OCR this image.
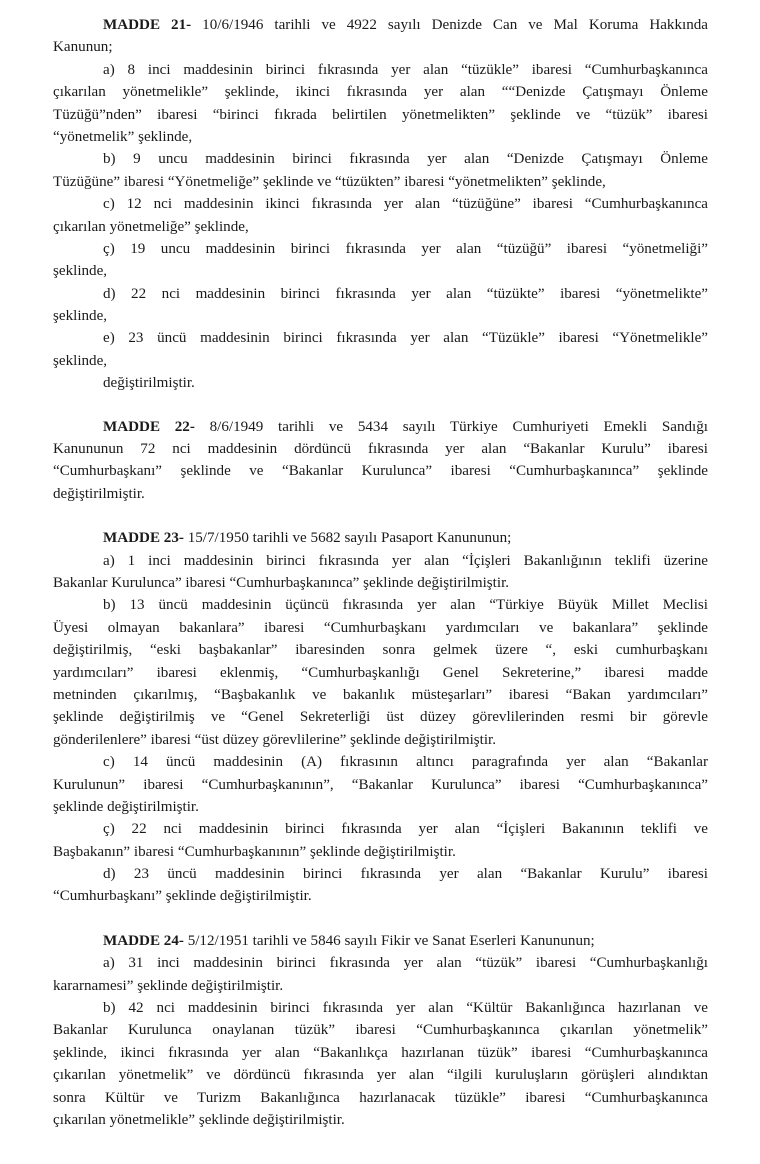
MADDE 21- 10/6/1946 tarihli ve 4922 sayılı Denizde Can ve Mal Koruma Hakkında
Kanunun;
a) 8 inci maddesinin birinci fıkrasında yer alan “tüzükle” ibaresi “Cumhurbaşkanınca
çıkarılan yönetmelikle” şeklinde, ikinci fıkrasında yer alan ““Denizde Çatışmayı Önleme
Tüzüğü”nden” ibaresi “birinci fıkrada belirtilen yönetmelikten” şeklinde ve “tüzük” ibaresi
“yönetmelik” şeklinde,
b) 9 uncu maddesinin birinci fıkrasında yer alan “Denizde Çatışmayı Önleme
Tüzüğüne” ibaresi “Yönetmeliğe” şeklinde ve “tüzükten” ibaresi “yönetmelikten” şeklinde,
c) 12 nci maddesinin ikinci fıkrasında yer alan “tüzüğüne” ibaresi “Cumhurbaşkanınca
çıkarılan yönetmeliğe” şeklinde,
ç) 19 uncu maddesinin birinci fıkrasında yer alan “tüzüğü” ibaresi “yönetmeliği”
şeklinde,
d) 22 nci maddesinin birinci fıkrasında yer alan “tüzükte” ibaresi “yönetmelikte”
şeklinde,
e) 23 üncü maddesinin birinci fıkrasında yer alan “Tüzükle” ibaresi “Yönetmelikle”
şeklinde,
değiştirilmiştir.
MADDE 22- 8/6/1949 tarihli ve 5434 sayılı Türkiye Cumhuriyeti Emekli Sandığı
Kanununun 72 nci maddesinin dördüncü fıkrasında yer alan “Bakanlar Kurulu” ibaresi
“Cumhurbaşkanı” şeklinde ve “Bakanlar Kurulunca” ibaresi “Cumhurbaşkanınca” şeklinde
değiştirilmiştir.
MADDE 23- 15/7/1950 tarihli ve 5682 sayılı Pasaport Kanununun;
a) 1 inci maddesinin birinci fıkrasında yer alan “İçişleri Bakanlığının teklifi üzerine
Bakanlar Kurulunca” ibaresi “Cumhurbaşkanınca” şeklinde değiştirilmiştir.
b) 13 üncü maddesinin üçüncü fıkrasında yer alan “Türkiye Büyük Millet Meclisi
Üyesi olmayan bakanlara” ibaresi “Cumhurbaşkanı yardımcıları ve bakanlara” şeklinde
değiştirilmiş, “eski başbakanlar” ibaresinden sonra gelmek üzere “, eski cumhurbaşkanı
yardımcıları” ibaresi eklenmiş, “Cumhurbaşkanlığı Genel Sekreterine,” ibaresi madde
metninden çıkarılmış, “Başbakanlık ve bakanlık müsteşarları” ibaresi “Bakan yardımcıları”
şeklinde değiştirilmiş ve “Genel Sekreterliği üst düzey görevlilerinden resmi bir görevle
gönderilenlere” ibaresi “üst düzey görevlilerine” şeklinde değiştirilmiştir.
c) 14 üncü maddesinin (A) fıkrasının altıncı paragrafında yer alan “Bakanlar
Kurulunun” ibaresi “Cumhurbaşkanının”, “Bakanlar Kurulunca” ibaresi “Cumhurbaşkanınca”
şeklinde değiştirilmiştir.
ç) 22 nci maddesinin birinci fıkrasında yer alan “İçişleri Bakanının teklifi ve
Başbakanın” ibaresi “Cumhurbaşkanının” şeklinde değiştirilmiştir.
d) 23 üncü maddesinin birinci fıkrasında yer alan “Bakanlar Kurulu” ibaresi
“Cumhurbaşkanı” şeklinde değiştirilmiştir.
MADDE 24- 5/12/1951 tarihli ve 5846 sayılı Fikir ve Sanat Eserleri Kanununun;
a) 31 inci maddesinin birinci fıkrasında yer alan “tüzük” ibaresi “Cumhurbaşkanlığı
kararnamesi” şeklinde değiştirilmiştir.
b) 42 nci maddesinin birinci fıkrasında yer alan “Kültür Bakanlığınca hazırlanan ve
Bakanlar Kurulunca onaylanan tüzük” ibaresi “Cumhurbaşkanınca çıkarılan yönetmelik”
şeklinde, ikinci fıkrasında yer alan “Bakanlıkça hazırlanan tüzük” ibaresi “Cumhurbaşkanınca
çıkarılan yönetmelik” ve dördüncü fıkrasında yer alan “ilgili kuruluşların görüşleri alındıktan
sonra Kültür ve Turizm Bakanlığınca hazırlanacak tüzükle” ibaresi “Cumhurbaşkanınca
çıkarılan yönetmelikle” şeklinde değiştirilmiştir.
